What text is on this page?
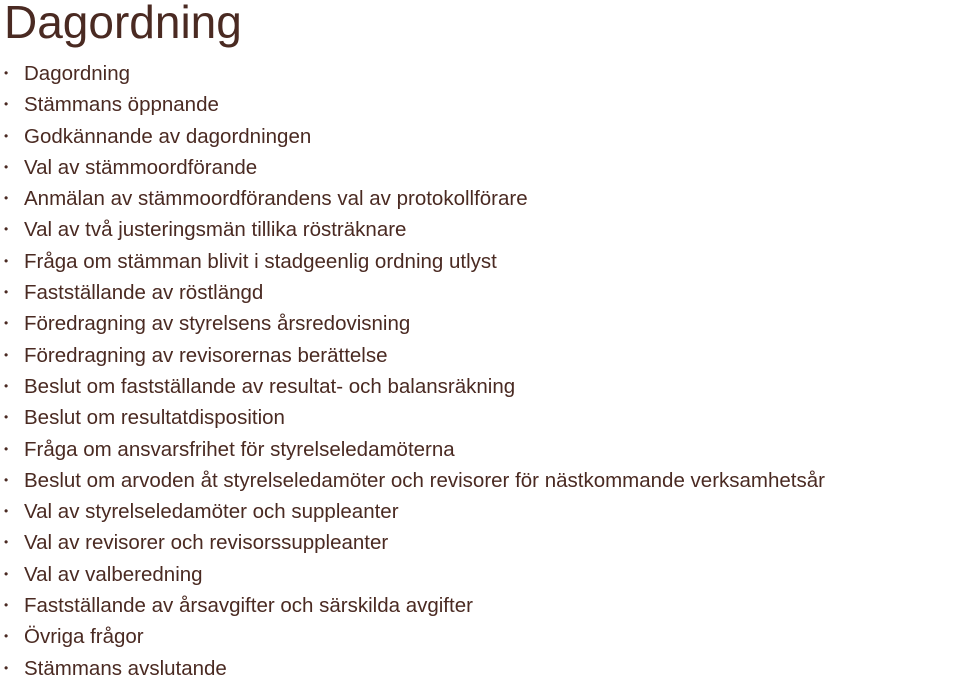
Dagordning
• Dagordning
• Stämmans öppnande
• Godkännande av dagordningen
• Val av stämmoordförande
• Anmälan av stämmoordförandens val av protokollförare
• Val av två justeringsmän tillika rösträknare
• Fråga om stämman blivit i stadgeenlig ordning utlyst
• Fastställande av röstlängd
• Föredragning av styrelsens årsredovisning
• Föredragning av revisorernas berättelse
• Beslut om fastställande av resultat- och balansräkning
• Beslut om resultatdisposition
• Fråga om ansvarsfrihet för styrelseledamöterna
• Beslut om arvoden åt styrelseledamöter och revisorer för nästkommande verksamhetsår
• Val av styrelseledamöter och suppleanter
• Val av revisorer och revisorssuppleanter
• Val av valberedning
• Fastställande av årsavgifter och särskilda avgifter
• Övriga frågor
• Stämmans avslutande
